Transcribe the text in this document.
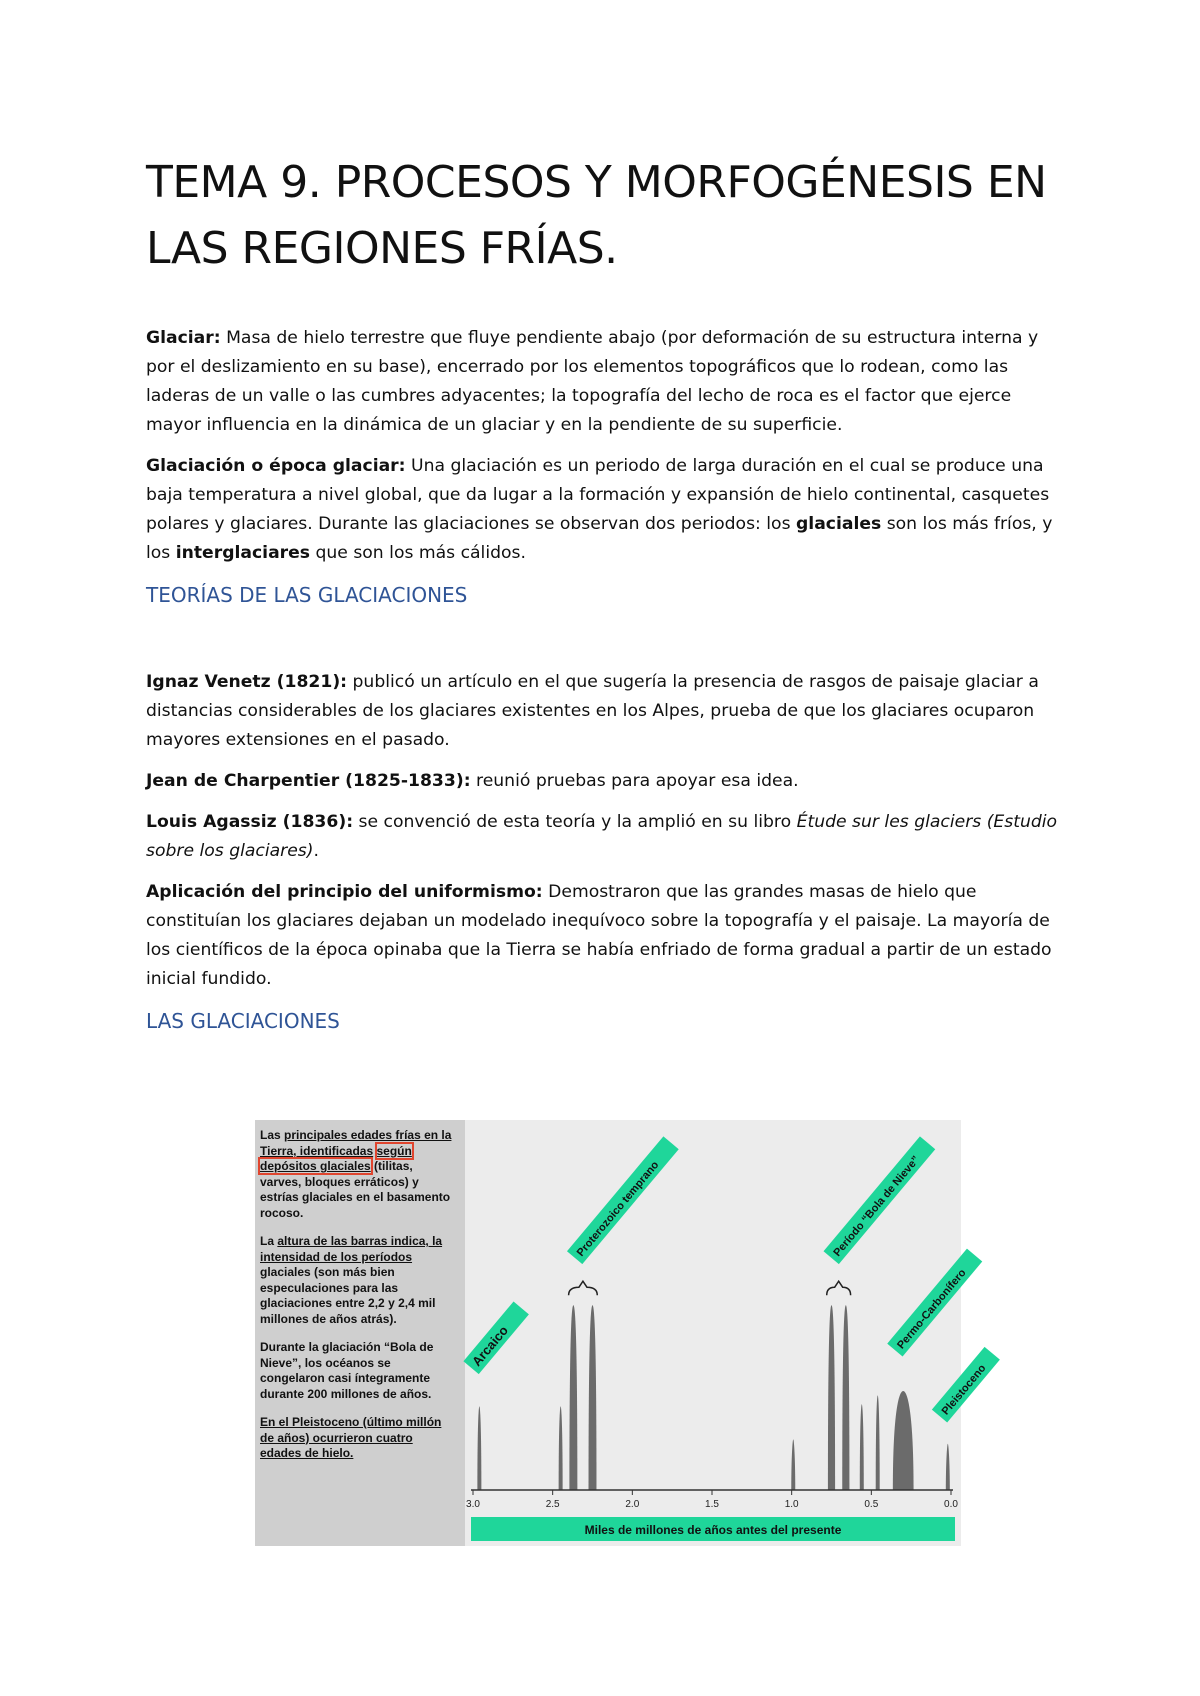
TEMA 9. PROCESOS Y MORFOGÉNESIS EN LAS REGIONES FRÍAS.

Glaciar: Masa de hielo terrestre que fluye pendiente abajo (por deformación de su estructura interna y por el deslizamiento en su base), encerrado por los elementos topográficos que lo rodean, como las laderas de un valle o las cumbres adyacentes; la topografía del lecho de roca es el factor que ejerce mayor influencia en la dinámica de un glaciar y en la pendiente de su superficie.

Glaciación o época glaciar: Una glaciación es un periodo de larga duración en el cual se produce una baja temperatura a nivel global, que da lugar a la formación y expansión de hielo continental, casquetes polares y glaciares. Durante las glaciaciones se observan dos periodos: los glaciales son los más fríos, y los interglaciares que son los más cálidos.

TEORÍAS DE LAS GLACIACIONES

Ignaz Venetz (1821): publicó un artículo en el que sugería la presencia de rasgos de paisaje glaciar a distancias considerables de los glaciares existentes en los Alpes, prueba de que los glaciares ocuparon mayores extensiones en el pasado.

Jean de Charpentier (1825-1833): reunió pruebas para apoyar esa idea.

Louis Agassiz (1836): se convenció de esta teoría y la amplió en su libro Étude sur les glaciers (Estudio sobre los glaciares).

Aplicación del principio del uniformismo: Demostraron que las grandes masas de hielo que constituían los glaciares dejaban un modelado inequívoco sobre la topografía y el paisaje. La mayoría de los científicos de la época opinaba que la Tierra se había enfriado de forma gradual a partir de un estado inicial fundido.

LAS GLACIACIONES

Las principales edades frías en la Tierra, identificadas según depósitos glaciales (tilitas, varves, bloques erráticos) y estrías glaciales en el basamento rocoso.

La altura de las barras indica, la intensidad de los períodos glaciales (son más bien especulaciones para las glaciaciones entre 2,2 y 2,4 mil millones de años atrás).

Durante la glaciación “Bola de Nieve”, los océanos se congelaron casi íntegramente durante 200 millones de años.

En el Pleistoceno (último millón de años) ocurrieron cuatro edades de hielo.

3.0	2.5	2.0	1.5	1.0	0.5	0.0
Arcaico
Proterozoico temprano	Período “Bola de Nieve”
Permo-Carbonífero
Pleistoceno
Miles de millones de años antes del presente
